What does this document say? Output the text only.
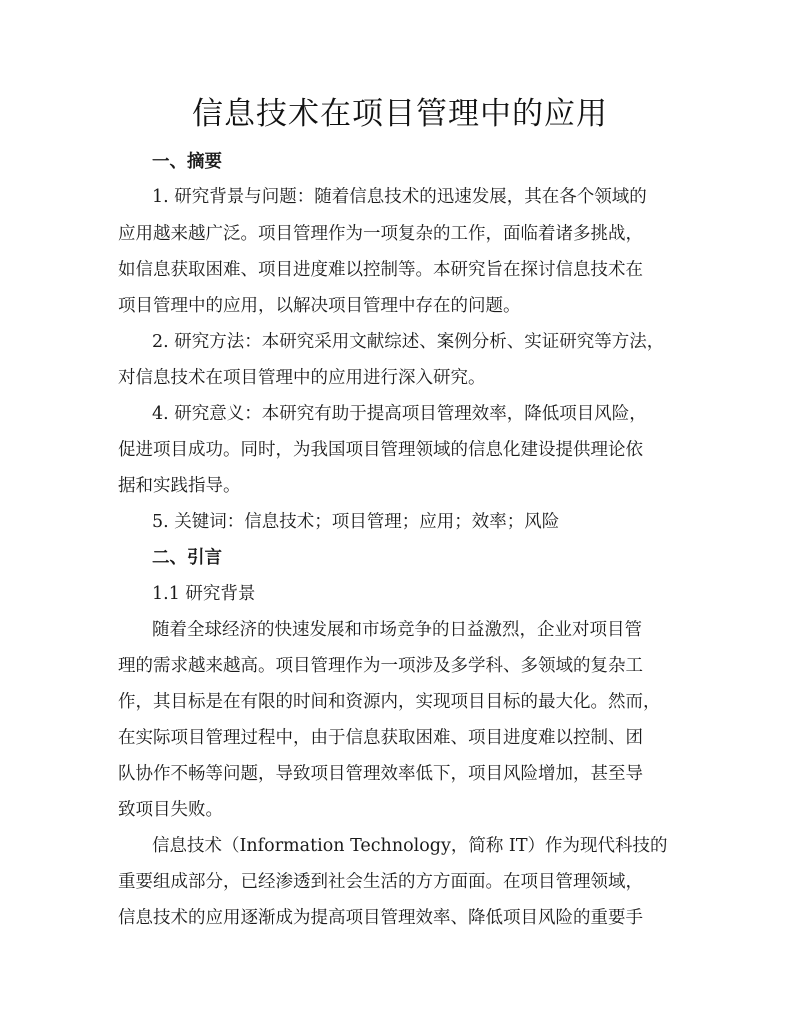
信息技术在项目管理中的应用
一、摘要
1. 研究背景与问题：随着信息技术的迅速发展，其在各个领域的
应用越来越广泛。项目管理作为一项复杂的工作，面临着诸多挑战，
如信息获取困难、项目进度难以控制等。本研究旨在探讨信息技术在
项目管理中的应用，以解决项目管理中存在的问题。
2. 研究方法：本研究采用文献综述、案例分析、实证研究等方法，
对信息技术在项目管理中的应用进行深入研究。
4. 研究意义：本研究有助于提高项目管理效率，降低项目风险，
促进项目成功。同时，为我国项目管理领域的信息化建设提供理论依
据和实践指导。
5. 关键词：信息技术；项目管理；应用；效率；风险
二、引言
1.1 研究背景
随着全球经济的快速发展和市场竞争的日益激烈，企业对项目管
理的需求越来越高。项目管理作为一项涉及多学科、多领域的复杂工
作，其目标是在有限的时间和资源内，实现项目目标的最大化。然而，
在实际项目管理过程中，由于信息获取困难、项目进度难以控制、团
队协作不畅等问题，导致项目管理效率低下，项目风险增加，甚至导
致项目失败。
信息技术（Information Technology，简称 IT）作为现代科技的
重要组成部分，已经渗透到社会生活的方方面面。在项目管理领域，
信息技术的应用逐渐成为提高项目管理效率、降低项目风险的重要手
